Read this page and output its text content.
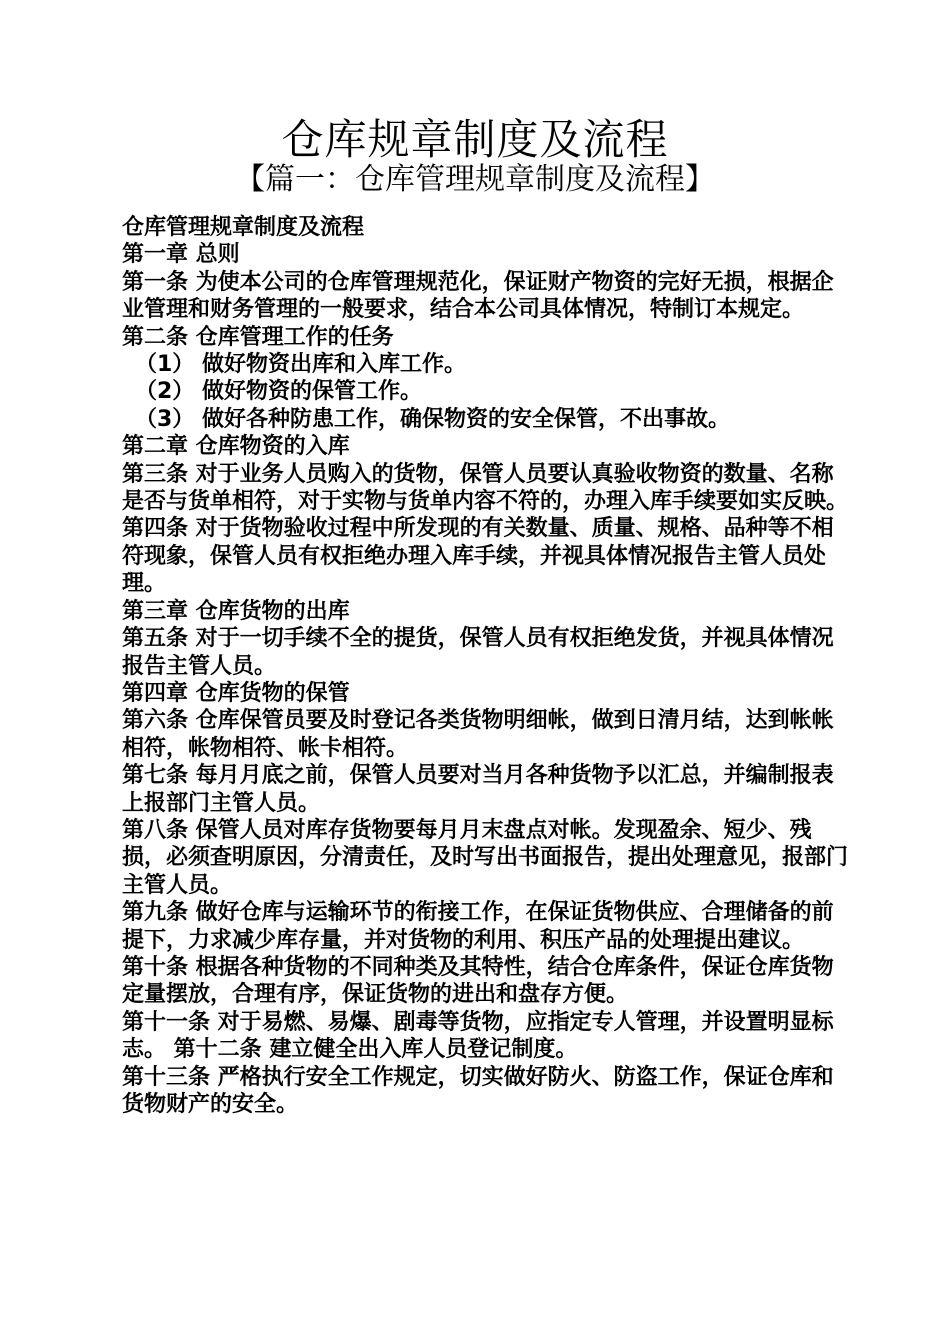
仓库规章制度及流程
【篇一：仓库管理规章制度及流程】

仓库管理规章制度及流程

第一章 总则

第一条 为使本公司的仓库管理规范化，保证财产物资的完好无损，根据企业管理和财务管理的一般要求，结合本公司具体情况，特制订本规定。

第二条 仓库管理工作的任务

（1） 做好物资出库和入库工作。

（2） 做好物资的保管工作。

（3） 做好各种防患工作，确保物资的安全保管，不出事故。

第二章 仓库物资的入库

第三条 对于业务人员购入的货物，保管人员要认真验收物资的数量、名称是否与货单相符，对于实物与货单内容不符的，办理入库手续要如实反映。

第四条 对于货物验收过程中所发现的有关数量、质量、规格、品种等不相符现象，保管人员有权拒绝办理入库手续，并视具体情况报告主管人员处理。

第三章 仓库货物的出库

第五条 对于一切手续不全的提货，保管人员有权拒绝发货，并视具体情况报告主管人员。

第四章 仓库货物的保管

第六条 仓库保管员要及时登记各类货物明细帐，做到日清月结，达到帐帐相符，帐物相符、帐卡相符。

第七条 每月月底之前，保管人员要对当月各种货物予以汇总，并编制报表上报部门主管人员。

第八条 保管人员对库存货物要每月月末盘点对帐。发现盈余、短少、残损，必须查明原因，分清责任，及时写出书面报告，提出处理意见，报部门主管人员。

第九条 做好仓库与运输环节的衔接工作，在保证货物供应、合理储备的前提下，力求减少库存量，并对货物的利用、积压产品的处理提出建议。

第十条 根据各种货物的不同种类及其特性，结合仓库条件，保证仓库货物定量摆放，合理有序，保证货物的进出和盘存方便。

第十一条 对于易燃、易爆、剧毒等货物，应指定专人管理，并设置明显标志。 第十二条 建立健全出入库人员登记制度。

第十三条 严格执行安全工作规定，切实做好防火、防盗工作，保证仓库和货物财产的安全。
